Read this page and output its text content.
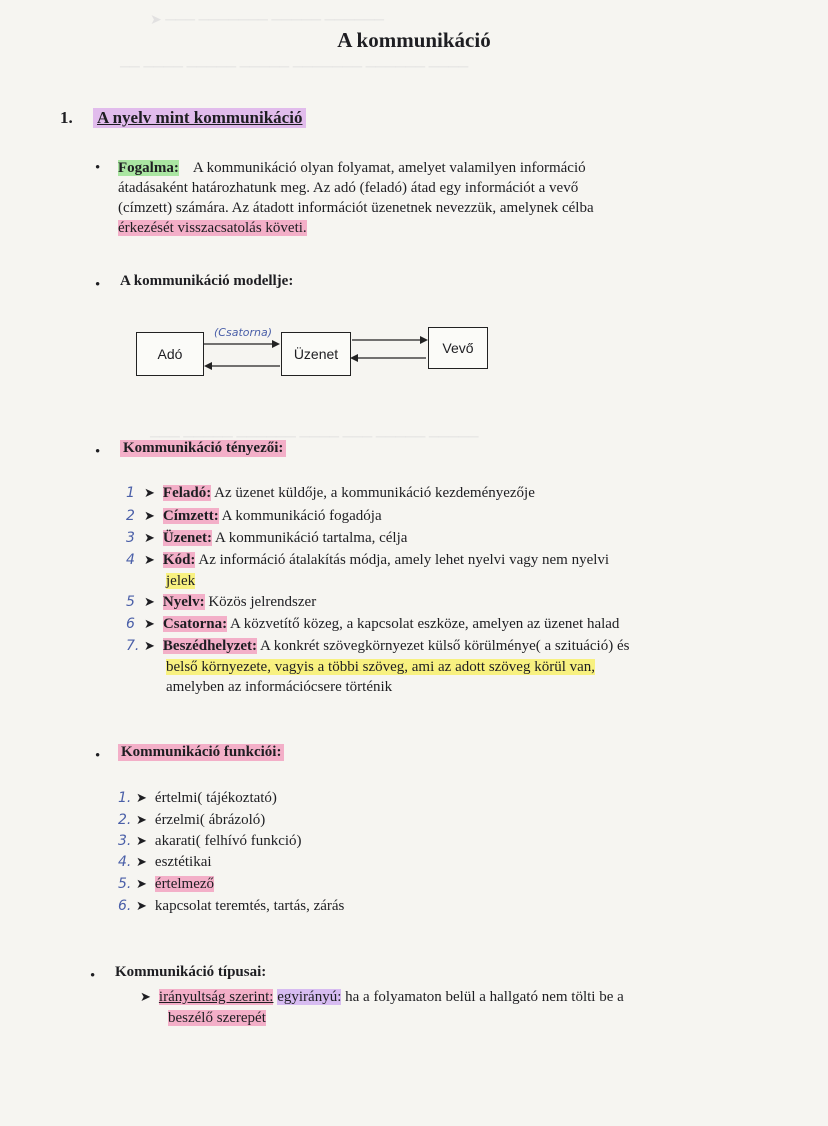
➤ ─── ─────── ───── ──────
── ──── ───── ───── ─────── ────── ────
─── ───── ────── ──── ─── ───── ─────
A kommunikáció
1. A nyelv mint kommunikáció
• Fogalma: A kommunikáció olyan folyamat, amelyet valamilyen információ
átadásaként határozhatunk meg. Az adó (feladó) átad egy információt a vevő
(címzett) számára. Az átadott információt üzenetnek nevezzük, amelynek célba
érkezését visszacsatolás követi.
• A kommunikáció modellje:
Adó	Üzenet	Vevő
(Csatorna)
• Kommunikáció tényezői:
1 ➤ Feladó: Az üzenet küldője, a kommunikáció kezdeményezője
2 ➤ Címzett: A kommunikáció fogadója
3 ➤ Üzenet: A kommunikáció tartalma, célja
4 ➤ Kód: Az információ átalakítás módja, amely lehet nyelvi vagy nem nyelvi
jelek
5 ➤ Nyelv: Közös jelrendszer
6 ➤ Csatorna: A közvetítő közeg, a kapcsolat eszköze, amelyen az üzenet halad
7. ➤ Beszédhelyzet: A konkrét szövegkörnyezet külső körülménye( a szituáció) és
belső környezete, vagyis a többi szöveg, ami az adott szöveg körül van,
amelyben az információcsere történik
• Kommunikáció funkciói:
1. ➤ értelmi( tájékoztató)
2. ➤ érzelmi( ábrázoló)
3. ➤ akarati( felhívó funkció)
4. ➤ esztétikai
5. ➤ értelmező
6. ➤ kapcsolat teremtés, tartás, zárás
• Kommunikáció típusai:
➤ irányultság szerint: egyirányú: ha a folyamaton belül a hallgató nem tölti be a
beszélő szerepét
